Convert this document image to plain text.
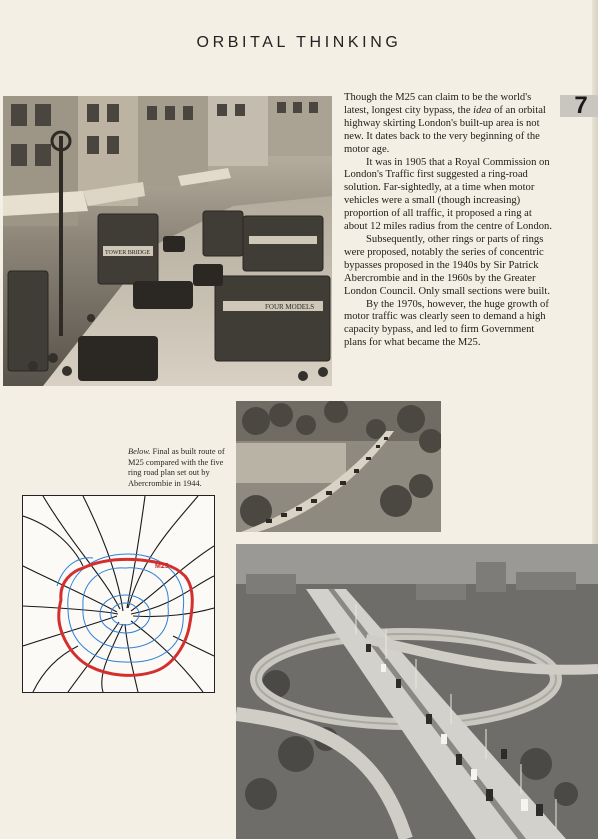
ORBITAL THINKING
7
FOUR MODELS
TOWER BRIDGE

Though the M25 can claim to be the world's latest, longest city bypass, the idea of an orbital highway skirting London's built-up area is not new. It dates back to the very beginning of the motor age.

It was in 1905 that a Royal Commission on London's Traffic first suggested a ring-road solution. Far-sightedly, at a time when motor vehicles were a small (though increasing) proportion of all traffic, it proposed a ring at about 12 miles radius from the centre of London.

Subsequently, other rings or parts of rings were proposed, notably the series of concentric bypasses proposed in the 1940s by Sir Patrick Abercrombie and in the 1960s by the Greater London Council. Only small sections were built.

By the 1970s, however, the huge growth of motor traffic was clearly seen to demand a high capacity bypass, and led to firm Government plans for what became the M25.

Below. Final as built route of M25 compared with the five ring road plan set out by Abercrombie in 1944.
M25
